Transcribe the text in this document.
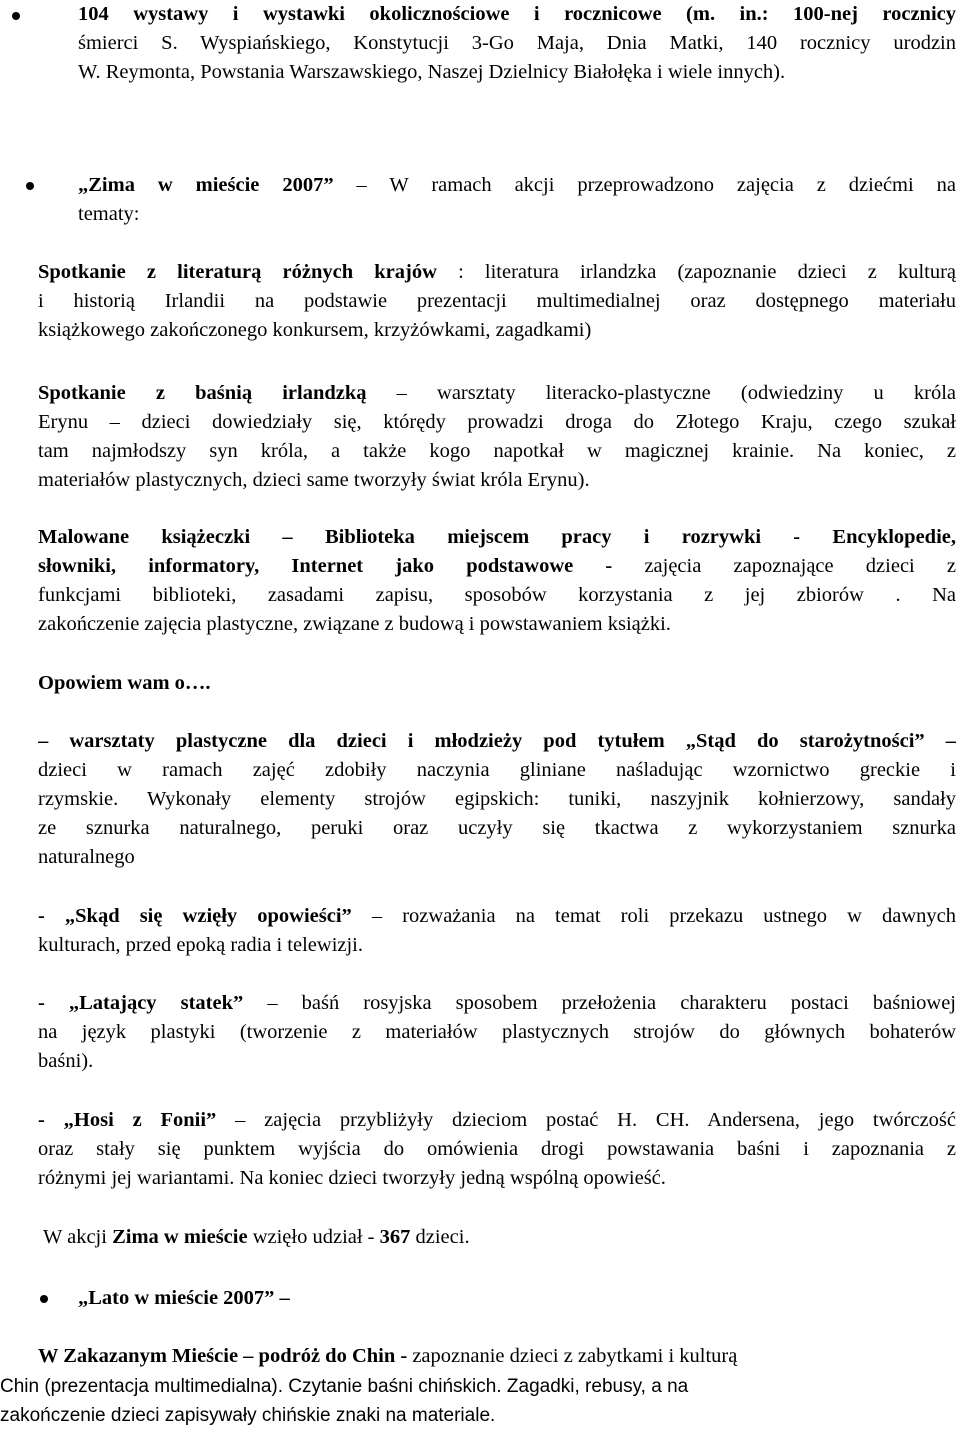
104 wystawy i wystawki okolicznościowe i rocznicowe (m. in.: 100-nej rocznicy
śmierci S. Wyspiańskiego, Konstytucji 3-Go Maja, Dnia Matki, 140 rocznicy urodzin
W. Reymonta, Powstania Warszawskiego, Naszej Dzielnicy Białołęka i wiele innych).
„Zima w mieście 2007” – W ramach akcji przeprowadzono zajęcia z dziećmi na
tematy:
Spotkanie z literaturą różnych krajów : literatura irlandzka (zapoznanie dzieci z kulturą
i historią Irlandii na podstawie prezentacji multimedialnej oraz dostępnego materiału
książkowego zakończonego konkursem, krzyżówkami, zagadkami)
Spotkanie z baśnią irlandzką – warsztaty literacko-plastyczne (odwiedziny u króla
Erynu – dzieci dowiedziały się, którędy prowadzi droga do Złotego Kraju, czego szukał
tam najmłodszy syn króla, a także kogo napotkał w magicznej krainie. Na koniec, z
materiałów plastycznych, dzieci same tworzyły świat króla Erynu).
Malowane książeczki – Biblioteka miejscem pracy i rozrywki - Encyklopedie,
słowniki, informatory, Internet jako podstawowe - zajęcia zapoznające dzieci z
funkcjami biblioteki, zasadami zapisu, sposobów korzystania z jej zbiorów . Na
zakończenie zajęcia plastyczne, związane z budową i powstawaniem książki.
Opowiem wam o….
– warsztaty plastyczne dla dzieci i młodzieży pod tytułem „Stąd do starożytności” –
dzieci w ramach zajęć zdobiły naczynia gliniane naśladując wzornictwo greckie i
rzymskie. Wykonały elementy strojów egipskich: tuniki, naszyjnik kołnierzowy, sandały
ze sznurka naturalnego, peruki oraz uczyły się tkactwa z wykorzystaniem sznurka
naturalnego
- „Skąd się wzięły opowieści” – rozważania na temat roli przekazu ustnego w dawnych
kulturach, przed epoką radia i telewizji.
- „Latający statek” – baśń rosyjska sposobem przełożenia charakteru postaci baśniowej
na język plastyki (tworzenie z materiałów plastycznych strojów do głównych bohaterów
baśni).
- „Hosi z Fonii” – zajęcia przybliżyły dzieciom postać H. CH. Andersena, jego twórczość
oraz stały się punktem wyjścia do omówienia drogi powstawania baśni i zapoznania z
różnymi jej wariantami. Na koniec dzieci tworzyły jedną wspólną opowieść.
W akcji Zima w mieście wzięło udział - 367 dzieci.
„Lato w mieście 2007” –
W Zakazanym Mieście – podróż do Chin - zapoznanie dzieci z zabytkami i kulturą
Chin (prezentacja multimedialna). Czytanie baśni chińskich. Zagadki, rebusy, a na
zakończenie dzieci zapisywały chińskie znaki na materiale.
